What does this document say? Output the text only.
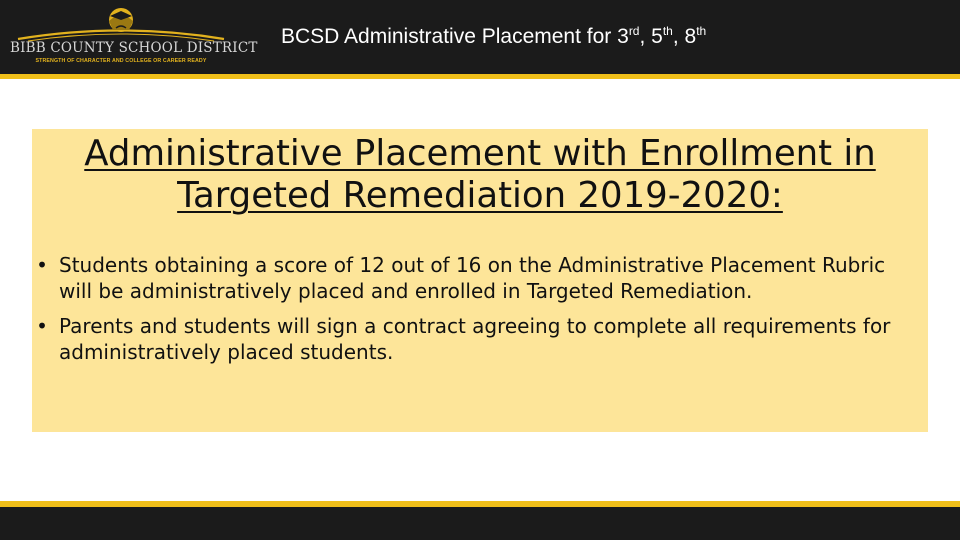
BIBB COUNTY SCHOOL DISTRICT
STRENGTH OF CHARACTER AND COLLEGE OR CAREER READY
BCSD Administrative Placement for 3rd, 5th, 8th
Administrative Placement with Enrollment in Targeted Remediation 2019-2020:
• Students obtaining a score of 12 out of 16 on the Administrative Placement Rubric will be administratively placed and enrolled in Targeted Remediation.
• Parents and students will sign a contract agreeing to complete all requirements for administratively placed students.
